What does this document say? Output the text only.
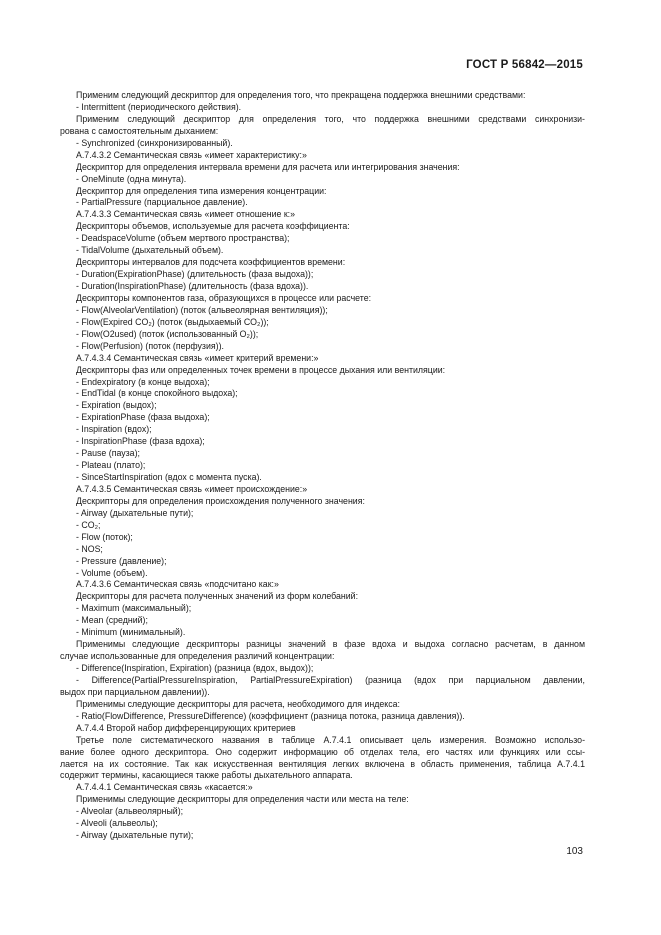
ГОСТ Р 56842—2015
Применим следующий дескриптор для определения того, что прекращена поддержка внешними средствами:
- Intermittent (периодического действия).
Применим следующий дескриптор для определения того, что поддержка внешними средствами синхронизи-
рована с самостоятельным дыханием:
- Synchronized (синхронизированный).
А.7.4.3.2 Семантическая связь «имеет характеристику:»
Дескриптор для определения интервала времени для расчета или интегрирования значения:
- OneMinute (одна минута).
Дескриптор для определения типа измерения концентрации:
- PartialPressure (парциальное давление).
А.7.4.3.3 Семантическая связь «имеет отношение к:»
Дескрипторы объемов, используемые для расчета коэффициента:
- DeadspaceVolume (объем мертвого пространства);
- TidalVolume (дыхательный объем).
Дескрипторы интервалов для подсчета коэффициентов времени:
- Duration(ExpirationPhase) (длительность (фаза выдоха));
- Duration(InspirationPhase) (длительность (фаза вдоха)).
Дескрипторы компонентов газа, образующихся в процессе или расчете:
- Flow(AlveolarVentilation) (поток (альвеолярная вентиляция));
- Flow(Expired CO₂) (поток (выдыхаемый CO₂));
- Flow(O2used) (поток (использованный O₂));
- Flow(Perfusion) (поток (перфузия)).
А.7.4.3.4 Семантическая связь «имеет критерий времени:»
Дескрипторы фаз или определенных точек времени в процессе дыхания или вентиляции:
- Endexpiratory (в конце выдоха);
- EndTidal (в конце спокойного выдоха);
- Expiration (выдох);
- ExpirationPhase (фаза выдоха);
- Inspiration (вдох);
- InspirationPhase (фаза вдоха);
- Pause (пауза);
- Plateau (плато);
- SinceStartInspiration (вдох с момента пуска).
А.7.4.3.5 Семантическая связь «имеет происхождение:»
Дескрипторы для определения происхождения полученного значения:
- Airway (дыхательные пути);
- CO₂;
- Flow (поток);
- NOS;
- Pressure (давление);
- Volume (объем).
А.7.4.3.6 Семантическая связь «подсчитано как:»
Дескрипторы для расчета полученных значений из форм колебаний:
- Maximum (максимальный);
- Mean (средний);
- Minimum (минимальный).
Применимы следующие дескрипторы разницы значений в фазе вдоха и выдоха согласно расчетам, в данном
случае использованные для определения различий концентрации:
- Difference(Inspiration, Expiration) (разница (вдох, выдох));
- Difference(PartialPressureInspiration, PartialPressureExpiration) (разница (вдох при парциальном давлении,
выдох при парциальном давлении)).
Применимы следующие дескрипторы для расчета, необходимого для индекса:
- Ratio(FlowDifference, PressureDifference) (коэффициент (разница потока, разница давления)).
А.7.4.4 Второй набор дифференцирующих критериев
Третье поле систематического названия в таблице А.7.4.1 описывает цель измерения. Возможно использо-
вание более одного дескриптора. Оно содержит информацию об отделах тела, его частях или функциях или ссы-
лается на их состояние. Так как искусственная вентиляция легких включена в область применения, таблица А.7.4.1
содержит термины, касающиеся также работы дыхательного аппарата.
А.7.4.4.1 Семантическая связь «касается:»
Применимы следующие дескрипторы для определения части или места на теле:
- Alveolar (альвеолярный);
- Alveoli (альвеолы);
- Airway (дыхательные пути);
103
